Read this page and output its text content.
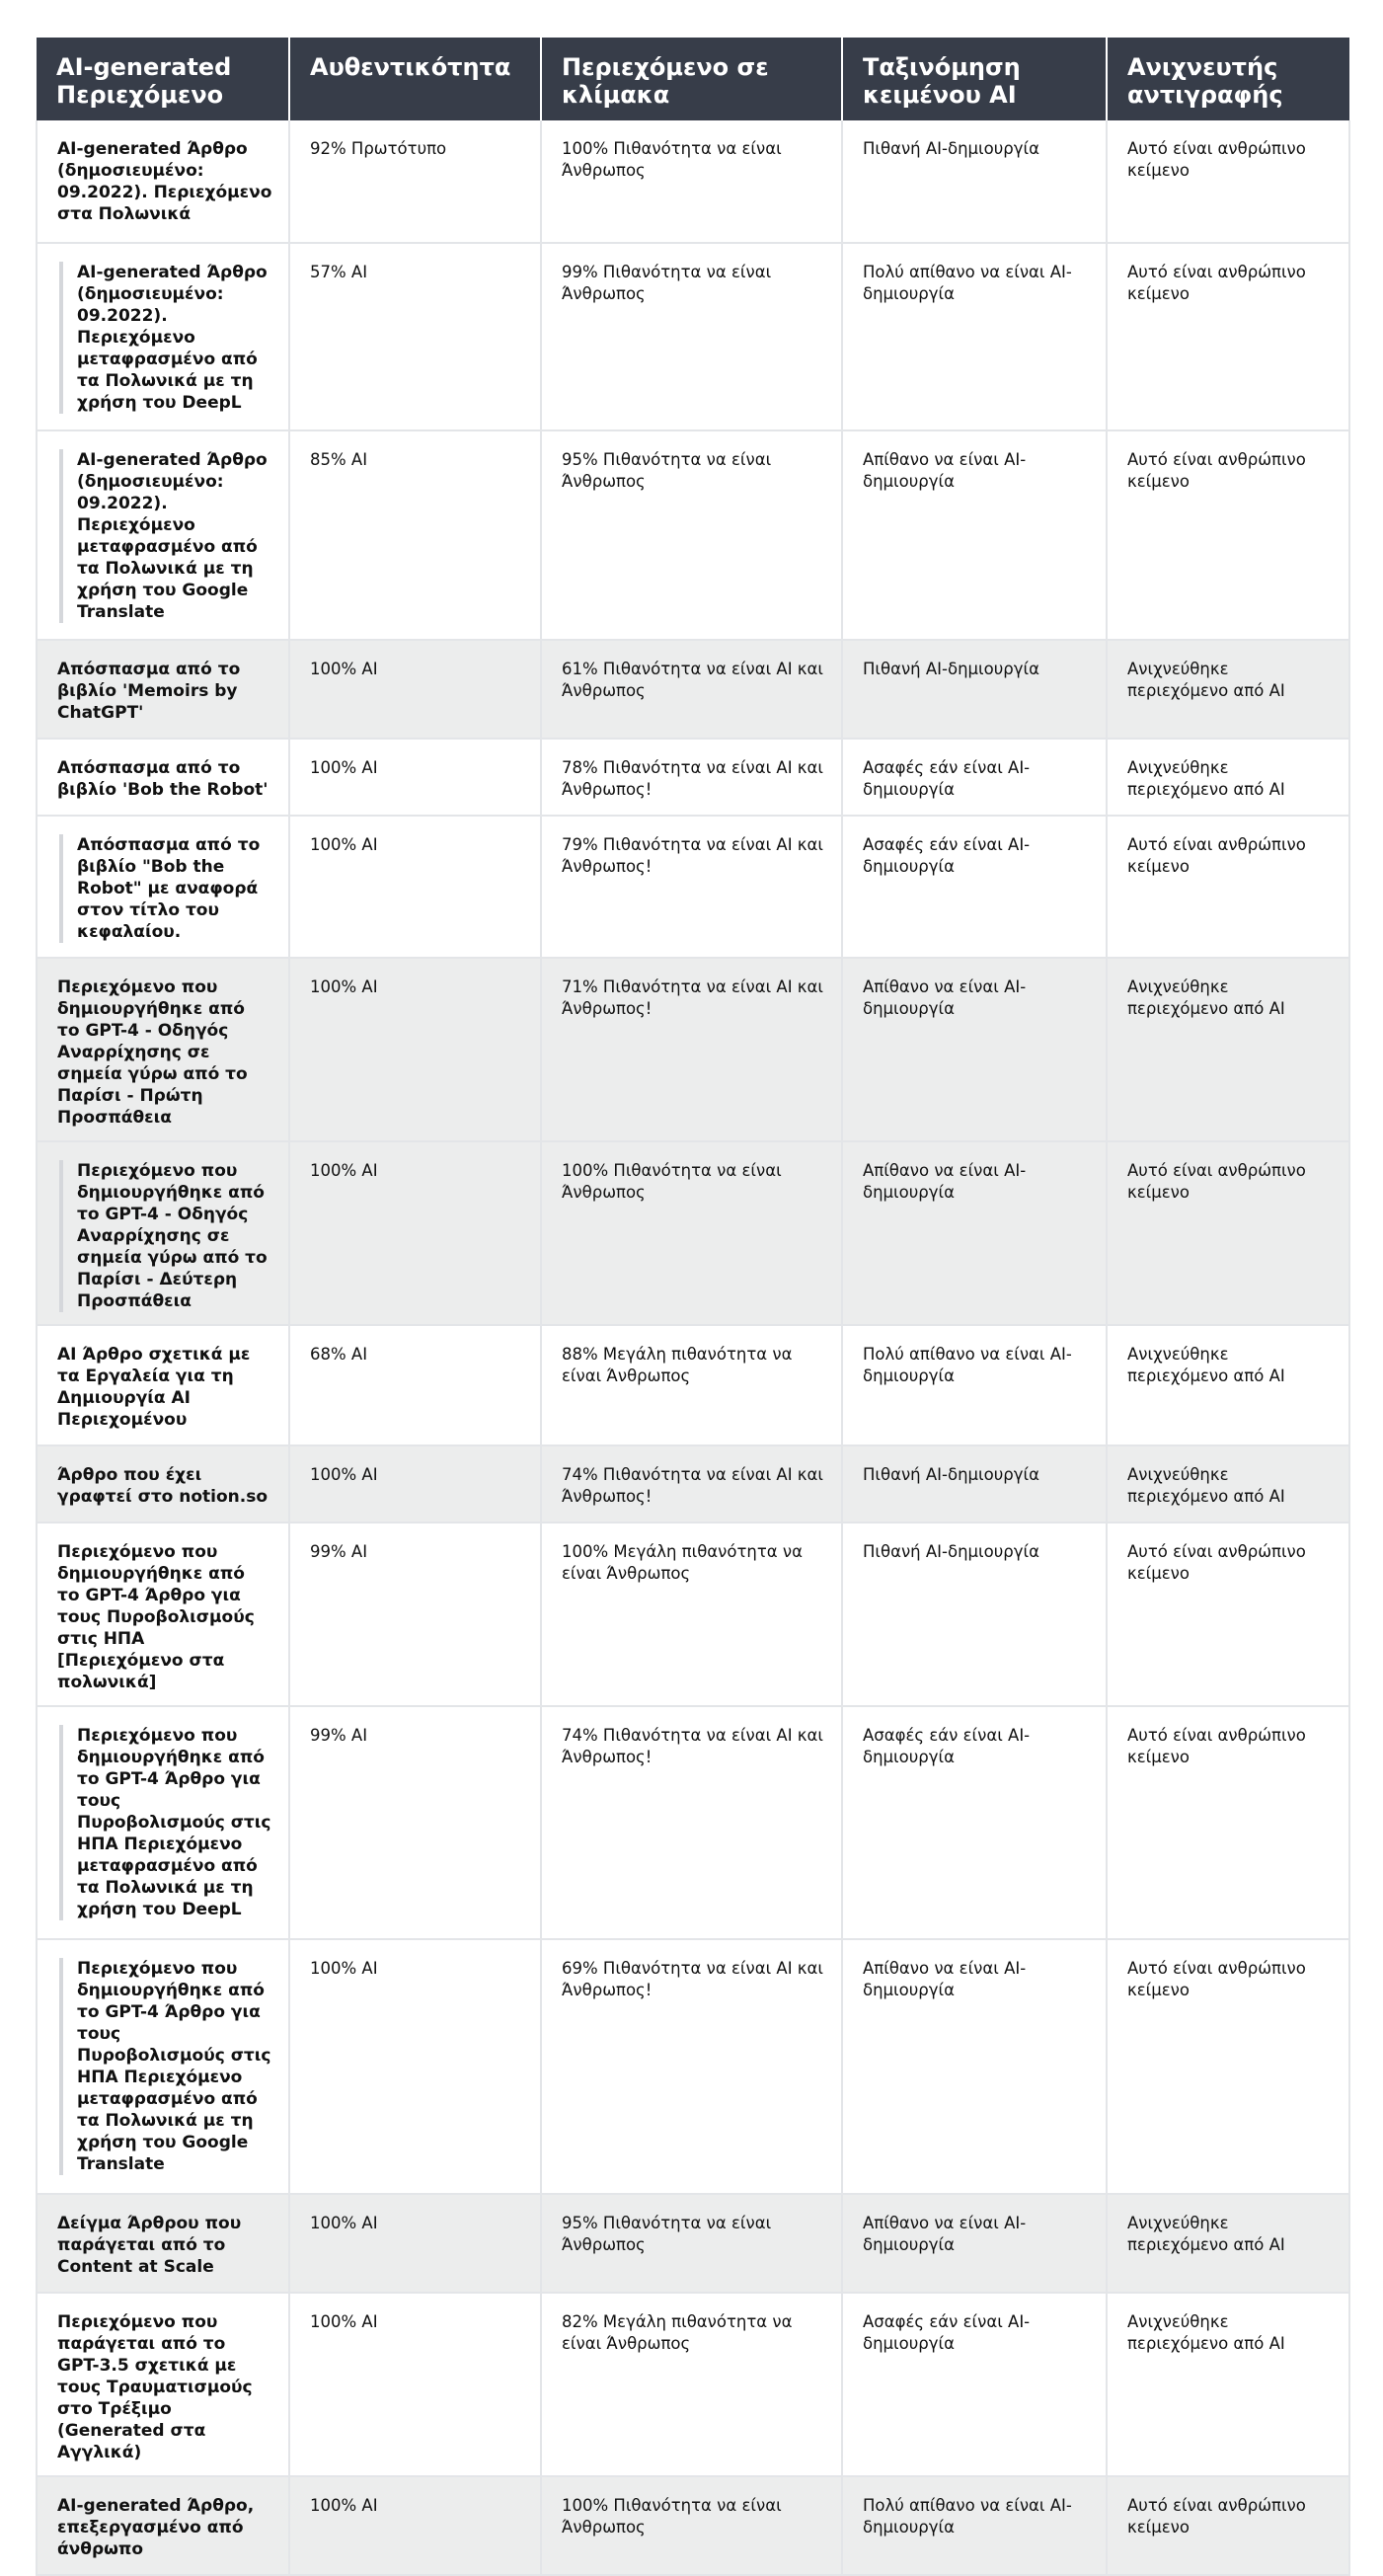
AI-generated Περιεχόμενο	Αυθεντικότητα	Περιεχόμενο σε κλίμακα	Ταξινόμηση κειμένου AI	Ανιχνευτής αντιγραφής
AI-generated Άρθρο (δημοσιευμένο: 09.2022). Περιεχόμενο στα Πολωνικά	92% Πρωτότυπο	100% Πιθανότητα να είναι Άνθρωπος	Πιθανή AI-δημιουργία	Αυτό είναι ανθρώπινο κείμενο

AI-generated Άρθρο (δημοσιευμένο: 09.2022). Περιεχόμενο μεταφρασμένο από τα Πολωνικά με τη χρήση του DeepL	57% AI	99% Πιθανότητα να είναι Άνθρωπος	Πολύ απίθανο να είναι AI-δημιουργία	Αυτό είναι ανθρώπινο κείμενο

AI-generated Άρθρο (δημοσιευμένο: 09.2022). Περιεχόμενο μεταφρασμένο από τα Πολωνικά με τη χρήση του Google Translate	85% AI	95% Πιθανότητα να είναι Άνθρωπος	Απίθανο να είναι AI-δημιουργία	Αυτό είναι ανθρώπινο κείμενο
Απόσπασμα από το βιβλίο 'Memoirs by ChatGPT'	100% AI	61% Πιθανότητα να είναι AI και Άνθρωπος	Πιθανή AI-δημιουργία	Ανιχνεύθηκε περιεχόμενο από AI
Απόσπασμα από το βιβλίο 'Bob the Robot'	100% AI	78% Πιθανότητα να είναι AI και Άνθρωπος!	Ασαφές εάν είναι AI-δημιουργία	Ανιχνεύθηκε περιεχόμενο από AI

Απόσπασμα από το βιβλίο "Bob the Robot" με αναφορά στον τίτλο του κεφαλαίου.	100% AI	79% Πιθανότητα να είναι AI και Άνθρωπος!	Ασαφές εάν είναι AI-δημιουργία	Αυτό είναι ανθρώπινο κείμενο
Περιεχόμενο που δημιουργήθηκε από το GPT-4 - Οδηγός Αναρρίχησης σε σημεία γύρω από το Παρίσι - Πρώτη Προσπάθεια	100% AI	71% Πιθανότητα να είναι AI και Άνθρωπος!	Απίθανο να είναι AI-δημιουργία	Ανιχνεύθηκε περιεχόμενο από AI

Περιεχόμενο που δημιουργήθηκε από το GPT-4 - Οδηγός Αναρρίχησης σε σημεία γύρω από το Παρίσι - Δεύτερη Προσπάθεια	100% AI	100% Πιθανότητα να είναι Άνθρωπος	Απίθανο να είναι AI-δημιουργία	Αυτό είναι ανθρώπινο κείμενο
AI Άρθρο σχετικά με τα Εργαλεία για τη Δημιουργία AI Περιεχομένου	68% AI	88% Μεγάλη πιθανότητα να είναι Άνθρωπος	Πολύ απίθανο να είναι AI-δημιουργία	Ανιχνεύθηκε περιεχόμενο από AI
Άρθρο που έχει γραφτεί στο notion.so	100% AI	74% Πιθανότητα να είναι AI και Άνθρωπος!	Πιθανή AI-δημιουργία	Ανιχνεύθηκε περιεχόμενο από AI
Περιεχόμενο που δημιουργήθηκε από το GPT-4 Άρθρο για τους Πυροβολισμούς στις ΗΠΑ [Περιεχόμενο στα πολωνικά]	99% AI	100% Μεγάλη πιθανότητα να είναι Άνθρωπος	Πιθανή AI-δημιουργία	Αυτό είναι ανθρώπινο κείμενο

Περιεχόμενο που δημιουργήθηκε από το GPT-4 Άρθρο για τους Πυροβολισμούς στις ΗΠΑ Περιεχόμενο μεταφρασμένο από τα Πολωνικά με τη χρήση του DeepL	99% AI	74% Πιθανότητα να είναι AI και Άνθρωπος!	Ασαφές εάν είναι AI-δημιουργία	Αυτό είναι ανθρώπινο κείμενο

Περιεχόμενο που δημιουργήθηκε από το GPT-4 Άρθρο για τους Πυροβολισμούς στις ΗΠΑ Περιεχόμενο μεταφρασμένο από τα Πολωνικά με τη χρήση του Google Translate	100% AI	69% Πιθανότητα να είναι AI και Άνθρωπος!	Απίθανο να είναι AI-δημιουργία	Αυτό είναι ανθρώπινο κείμενο
Δείγμα Άρθρου που παράγεται από το Content at Scale	100% AI	95% Πιθανότητα να είναι Άνθρωπος	Απίθανο να είναι AI-δημιουργία	Ανιχνεύθηκε περιεχόμενο από AI
Περιεχόμενο που παράγεται από το GPT-3.5 σχετικά με τους Τραυματισμούς στο Τρέξιμο (Generated στα Αγγλικά)	100% AI	82% Μεγάλη πιθανότητα να είναι Άνθρωπος	Ασαφές εάν είναι AI-δημιουργία	Ανιχνεύθηκε περιεχόμενο από AI
AI-generated Άρθρο, επεξεργασμένο από άνθρωπο	100% AI	100% Πιθανότητα να είναι Άνθρωπος	Πολύ απίθανο να είναι AI-δημιουργία	Αυτό είναι ανθρώπινο κείμενο
